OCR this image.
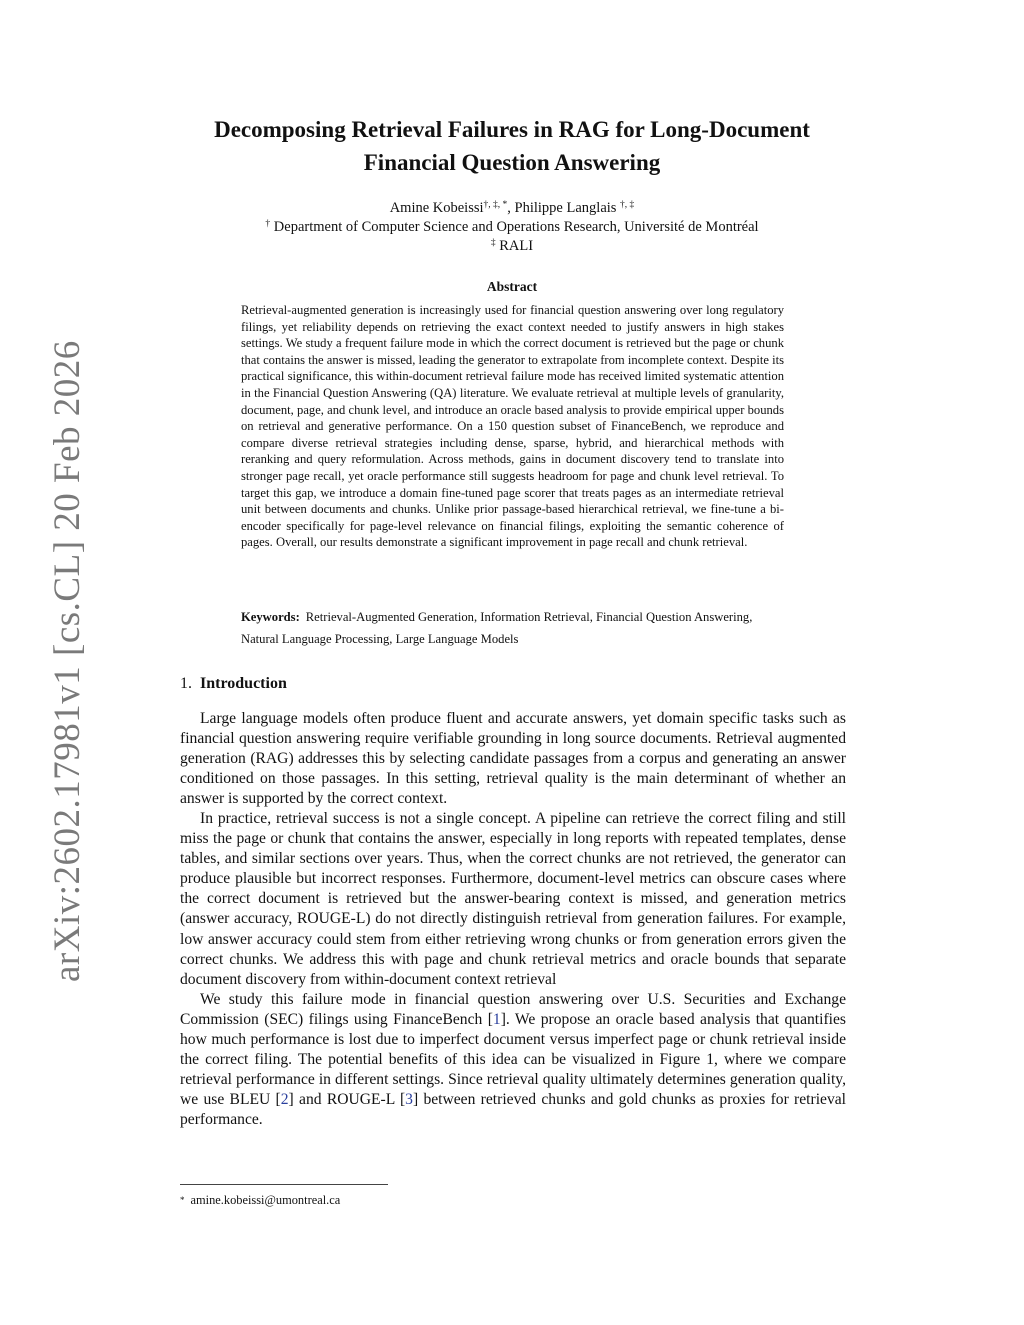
arXiv:2602.17981v1 [cs.CL] 20 Feb 2026
Decomposing Retrieval Failures in RAG for Long-Document
Financial Question Answering
Amine Kobeissi†, ‡, *, Philippe Langlais †, ‡
† Department of Computer Science and Operations Research, Université de Montréal
‡ RALI
Abstract
Retrieval-augmented generation is increasingly used for financial question answering over long regulatory filings, yet reliability depends on retrieving the exact context needed to justify answers in high stakes settings. We study a frequent failure mode in which the correct document is retrieved but the page or chunk that contains the answer is missed, leading the generator to extrapolate from incomplete context. Despite its practical significance, this within-document retrieval failure mode has received limited systematic attention in the Financial Question Answering (QA) literature. We evaluate retrieval at multiple levels of granularity, document, page, and chunk level, and introduce an oracle based analysis to provide empirical upper bounds on retrieval and generative performance. On a 150 question subset of FinanceBench, we reproduce and compare diverse retrieval strategies including dense, sparse, hybrid, and hierarchical methods with reranking and query reformulation. Across methods, gains in document discovery tend to translate into stronger page recall, yet oracle performance still suggests headroom for page and chunk level retrieval. To target this gap, we introduce a domain fine-tuned page scorer that treats pages as an intermediate retrieval unit between documents and chunks. Unlike prior passage-based hierarchical retrieval, we fine-tune a bi-encoder specifically for page-level relevance on financial filings, exploiting the semantic coherence of pages. Overall, our results demonstrate a significant improvement in page recall and chunk retrieval.
Keywords: Retrieval-Augmented Generation, Information Retrieval, Financial Question Answering, Natural Language Processing, Large Language Models
1. Introduction

Large language models often produce fluent and accurate answers, yet domain specific tasks such as financial question answering require verifiable grounding in long source documents. Retrieval augmented generation (RAG) addresses this by selecting candidate passages from a corpus and generating an answer conditioned on those passages. In this setting, retrieval quality is the main determinant of whether an answer is supported by the correct context.

In practice, retrieval success is not a single concept. A pipeline can retrieve the correct filing and still miss the page or chunk that contains the answer, especially in long reports with repeated templates, dense tables, and similar sections over years. Thus, when the correct chunks are not retrieved, the generator can produce plausible but incorrect responses. Furthermore, document-level metrics can obscure cases where the correct document is retrieved but the answer-bearing context is missed, and generation metrics (answer accuracy, ROUGE-L) do not directly distinguish retrieval from generation failures. For example, low answer accuracy could stem from either retrieving wrong chunks or from generation errors given the correct chunks. We address this with page and chunk retrieval metrics and oracle bounds that separate document discovery from within-document context retrieval

We study this failure mode in financial question answering over U.S. Securities and Exchange Commission (SEC) filings using FinanceBench [1]. We propose an oracle based analysis that quantifies how much performance is lost due to imperfect document versus imperfect page or chunk retrieval inside the correct filing. The potential benefits of this idea can be visualized in Figure 1, where we compare retrieval performance in different settings. Since retrieval quality ultimately determines generation quality, we use BLEU [2] and ROUGE-L [3] between retrieved chunks and gold chunks as proxies for retrieval performance.

* amine.kobeissi@umontreal.ca
